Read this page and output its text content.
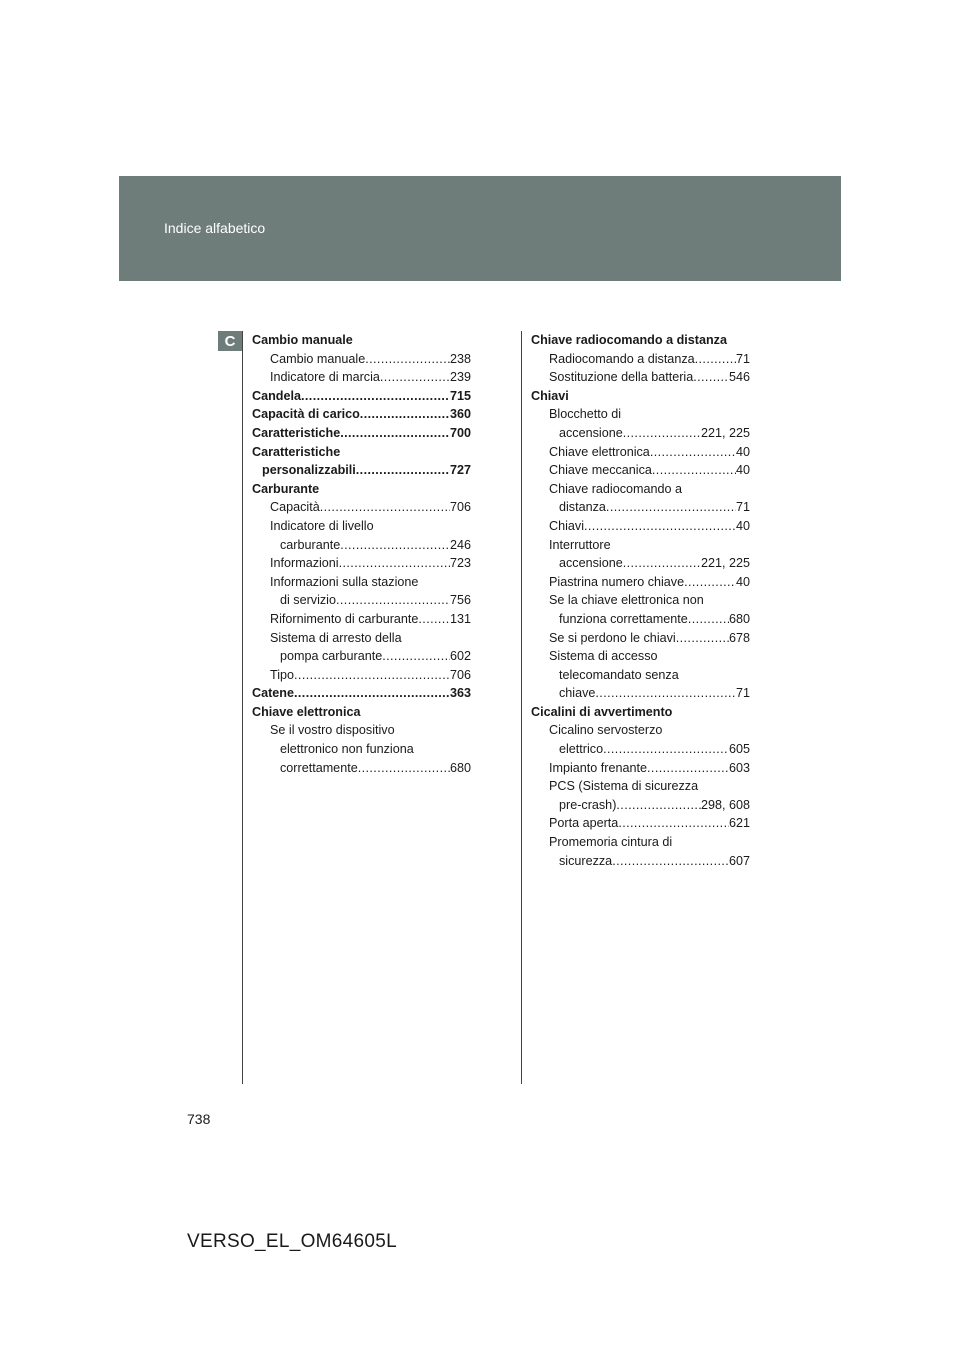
Indice alfabetico
C	Cambio manuale
Cambio manuale .....	238
Indicatore di marcia .....	239
Candela .....	715
Capacità di carico .....	360
Caratteristiche .....	700
Caratteristiche
personalizzabili .....	727
Carburante
Capacità .....	706
Indicatore di livello
carburante .....	246
Informazioni .....	723
Informazioni sulla stazione
di servizio .....	756
Rifornimento di carburante .....	131
Sistema di arresto della
pompa carburante .....	602
Tipo .....	706
Catene .....	363
Chiave elettronica
Se il vostro dispositivo
elettronico non funziona
correttamente .....	680
Chiave radiocomando a distanza
Radiocomando a distanza .....	71
Sostituzione della batteria .....	546
Chiavi
Blocchetto di
accensione .....	221, 225
Chiave elettronica .....	40
Chiave meccanica .....	40
Chiave radiocomando a
distanza .....	71
Chiavi .....	40
Interruttore
accensione .....	221, 225
Piastrina numero chiave .....	40
Se la chiave elettronica non
funziona correttamente .....	680
Se si perdono le chiavi .....	678
Sistema di accesso
telecomandato senza
chiave .....	71
Cicalini di avvertimento
Cicalino servosterzo
elettrico .....	605
Impianto frenante .....	603
PCS (Sistema di sicurezza
pre-crash) .....	298, 608
Porta aperta .....	621
Promemoria cintura di
sicurezza .....	607
738
VERSO_EL_OM64605L
